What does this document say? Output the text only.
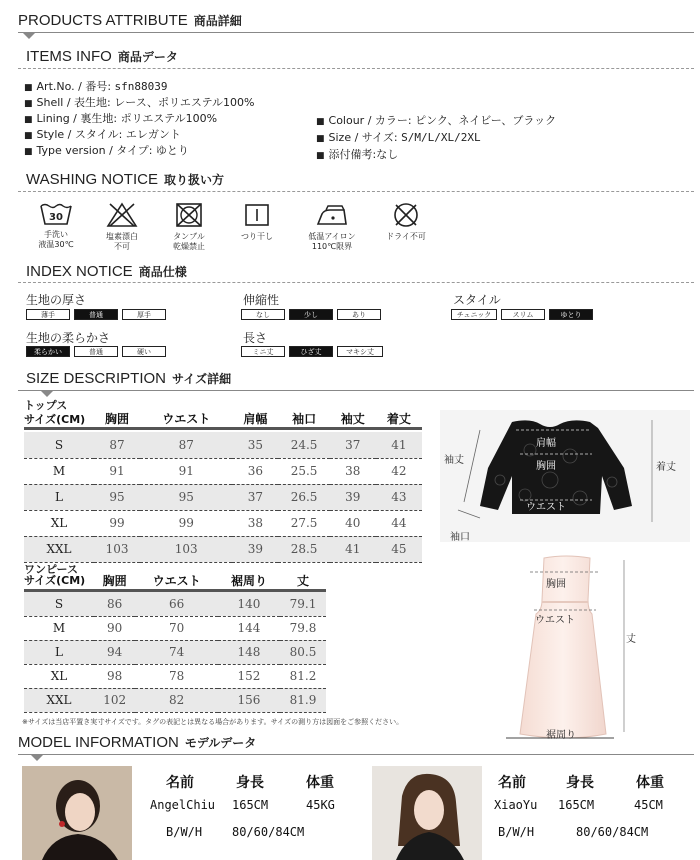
PRODUCTS ATTRIBUTE 商品詳細
ITEMS INFO 商品データ
■ Art.No. / 番号: sfn88039
■ Shell / 表生地: レース、ポリエステル100%
■ Lining / 裏生地: ポリエステル100%
■ Style / スタイル: エレガント
■ Type version / タイプ: ゆとり
■ Colour / カラー: ピンク、ネイビー、ブラック
■ Size / サイズ: S/M/L/XL/2XL
■ 添付備考:なし
WASHING NOTICE 取り扱い方
30
手洗い
液温30℃
塩素漂白
不可
タンブル
乾燥禁止
つり干し	低温アイロン
110℃限界
ドライ不可
INDEX NOTICE 商品仕様
生地の厚さ
薄手	普通	厚手
伸縮性
なし	少し	あり
スタイル
チュニック	スリム	ゆとり
生地の柔らかさ
柔らかい	普通	硬い
長さ
ミニ丈	ひざ丈	マキシ丈
SIZE DESCRIPTION サイズ詳細
トップス
サイズ(CM)	胸囲	ウエスト	肩幅	袖口	袖丈	着丈

S	87	87	35	24.5	37	41
M	91	91	36	25.5	38	42
L	95	95	37	26.5	39	43
XL	99	99	38	27.5	40	44
XXL	103	103	39	28.5	41	45
ワンピース
サイズ(CM)	胸囲	ウエスト	裾周り	丈

S	86	66	140	79.1
M	90	70	144	79.8
L	94	74	148	80.5
XL	98	78	152	81.2
XXL	102	82	156	81.9
※サイズは当店平置き実寸サイズです。タグの表記とは異なる場合があります。サイズの測り方は図面をご参照ください。
袖丈
肩幅
胸囲
ウエスト
袖口
着丈
胸囲
ウエスト
丈
裾周り
MODEL INFORMATION モデルデータ
名前	身長	体重
AngelChiu 165CM	45KG
B/W/H 80/60/84CM
名前	身長	体重
XiaoYu 165CM	45CM
B/W/H	80/60/84CM
